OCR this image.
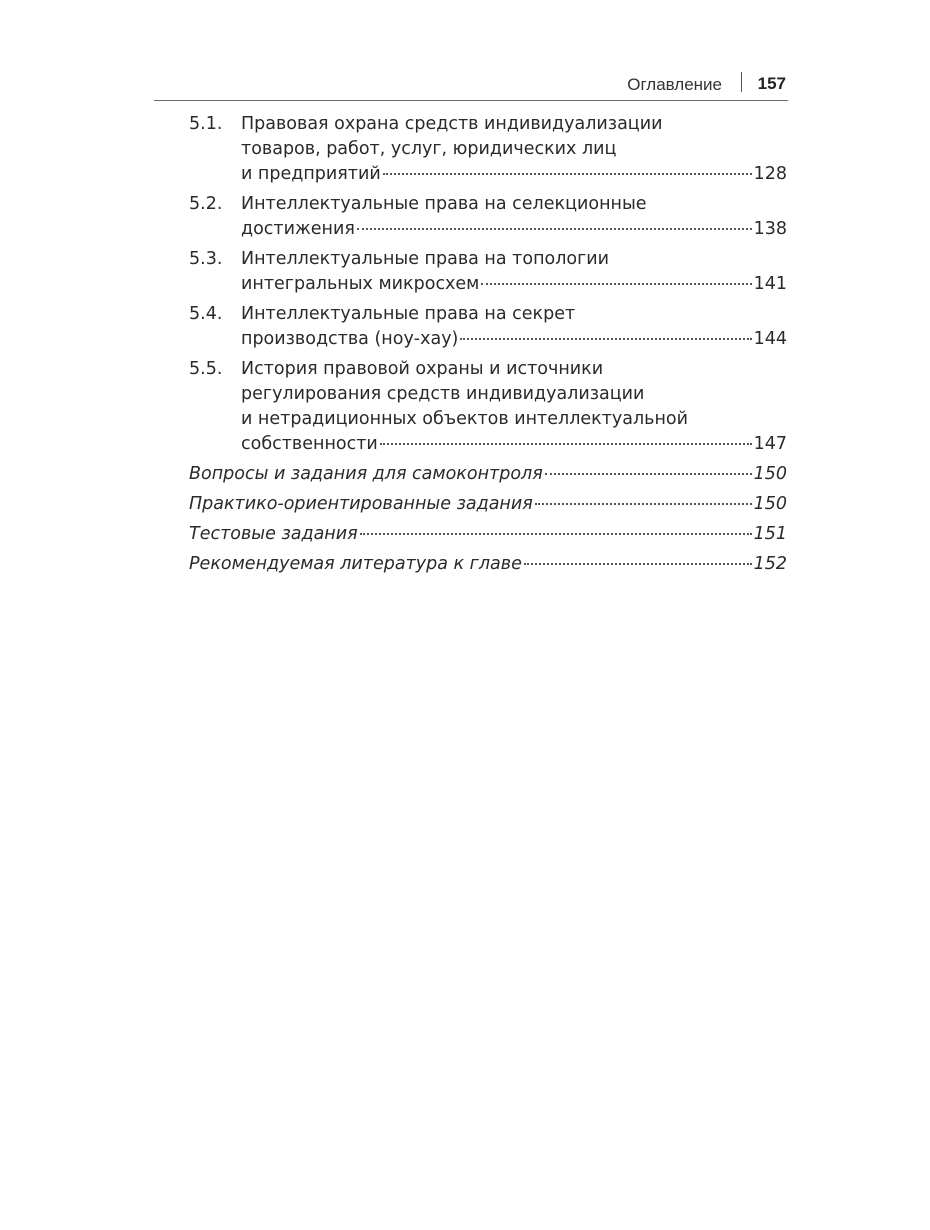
Оглавление 157
5.1. Правовая охрана средств индивидуализации
товаров, работ, услуг, юридических лиц
и предприятий	128
5.2. Интеллектуальные права на селекционные
достижения	138
5.3. Интеллектуальные права на топологии
интегральных микросхем	141
5.4. Интеллектуальные права на секрет
производства (ноу-хау)	144
5.5. История правовой охраны и источники
регулирования средств индивидуализации
и нетрадиционных объектов интеллектуальной
собственности	147
Вопросы и задания для самоконтроля	150
Практико-ориентированные задания	150
Тестовые задания	151
Рекомендуемая литература к главе	152
